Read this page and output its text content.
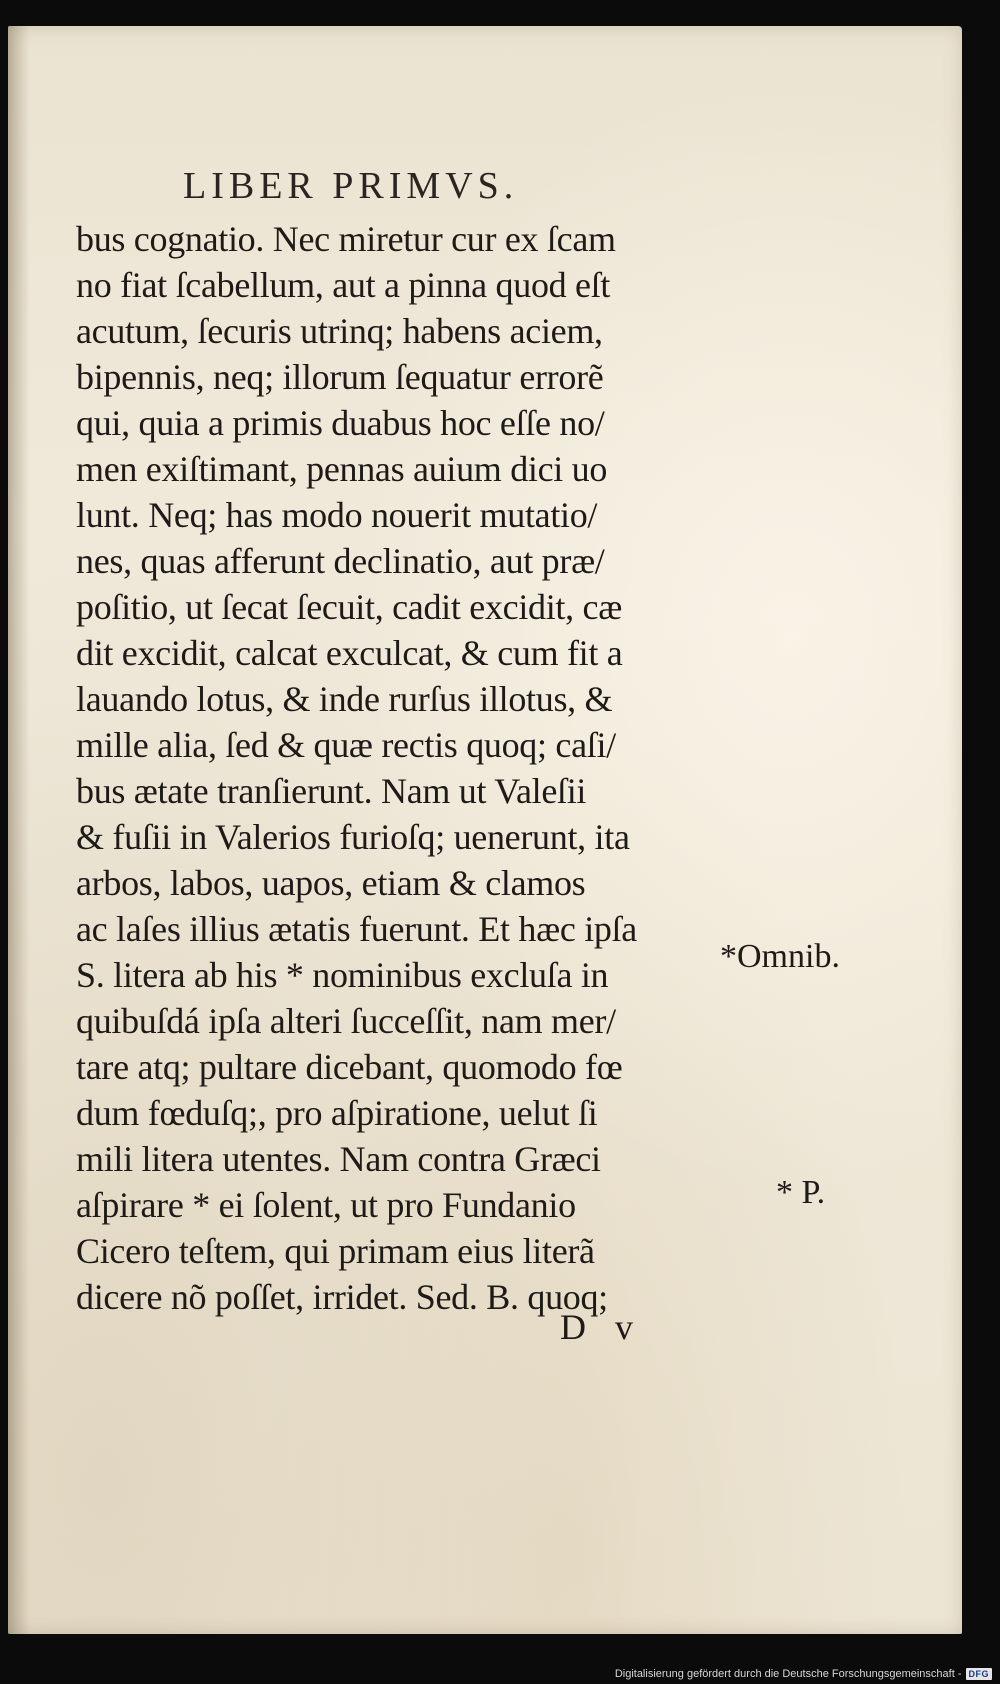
LIBER PRIMVS.
bus cognatio. Nec miretur cur ex ſcam
no fiat ſcabellum, aut a pinna quod eſt
acutum, ſecuris utrinq; habens aciem,
bipennis, neq; illorum ſequatur errorẽ
qui, quia a primis duabus hoc eſſe no/
men exiſtimant, pennas auium dici uo
lunt. Neq; has modo nouerit mutatio/
nes, quas afferunt declinatio, aut præ/
poſitio, ut ſecat ſecuit, cadit excidit, cæ
dit excidit, calcat exculcat, & cum fit a
lauando lotus, & inde rurſus illotus, &
mille alia, ſed & quæ rectis quoq; caſi/
bus ætate tranſierunt. Nam ut Valeſii
& fuſii in Valerios furioſq; uenerunt, ita
arbos, labos, uapos, etiam & clamos
ac laſes illius ætatis fuerunt. Et hæc ipſa
S. litera ab his * nominibus excluſa in
quibuſdá ipſa alteri ſucceſſit, nam mer/
tare atq; pultare dicebant, quomodo fœ
dum fœduſq;, pro aſpiratione, uelut ſi
mili litera utentes. Nam contra Græci
aſpirare * ei ſolent, ut pro Fundanio
Cicero teſtem, qui primam eius literã
dicere nõ poſſet, irridet. Sed. B. quoq;
*Omnib.
* P.
D v
Digitalisierung gefördert durch die Deutsche Forschungsgemeinschaft - DFG
